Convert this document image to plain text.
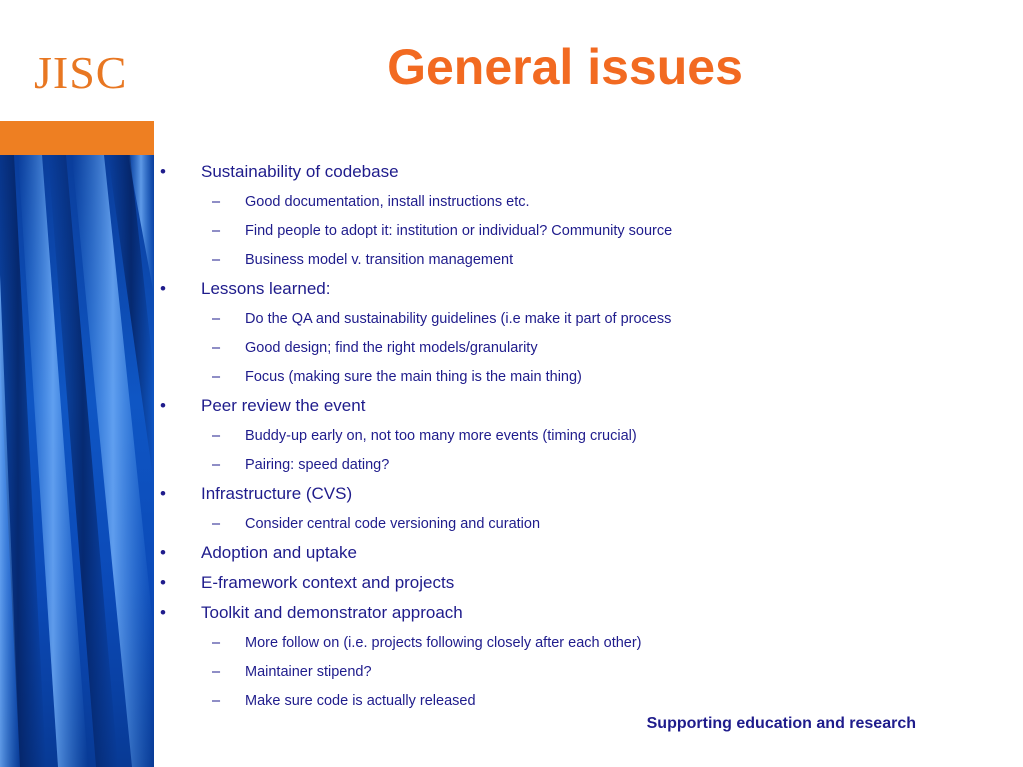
JISC	General issues
• Sustainability of codebase
– Good documentation, install instructions etc.
– Find people to adopt it: institution or individual? Community source
– Business model v. transition management
• Lessons learned:
– Do the QA and sustainability guidelines (i.e make it part of process
– Good design; find the right models/granularity
– Focus (making sure the main thing is the main thing)
• Peer review the event
– Buddy-up early on, not too many more events (timing crucial)
– Pairing: speed dating?
• Infrastructure (CVS)
– Consider central code versioning and curation
• Adoption and uptake
• E-framework context and projects
• Toolkit and demonstrator approach
– More follow on (i.e. projects following closely after each other)
– Maintainer stipend?
– Make sure code is actually released
Supporting education and research
